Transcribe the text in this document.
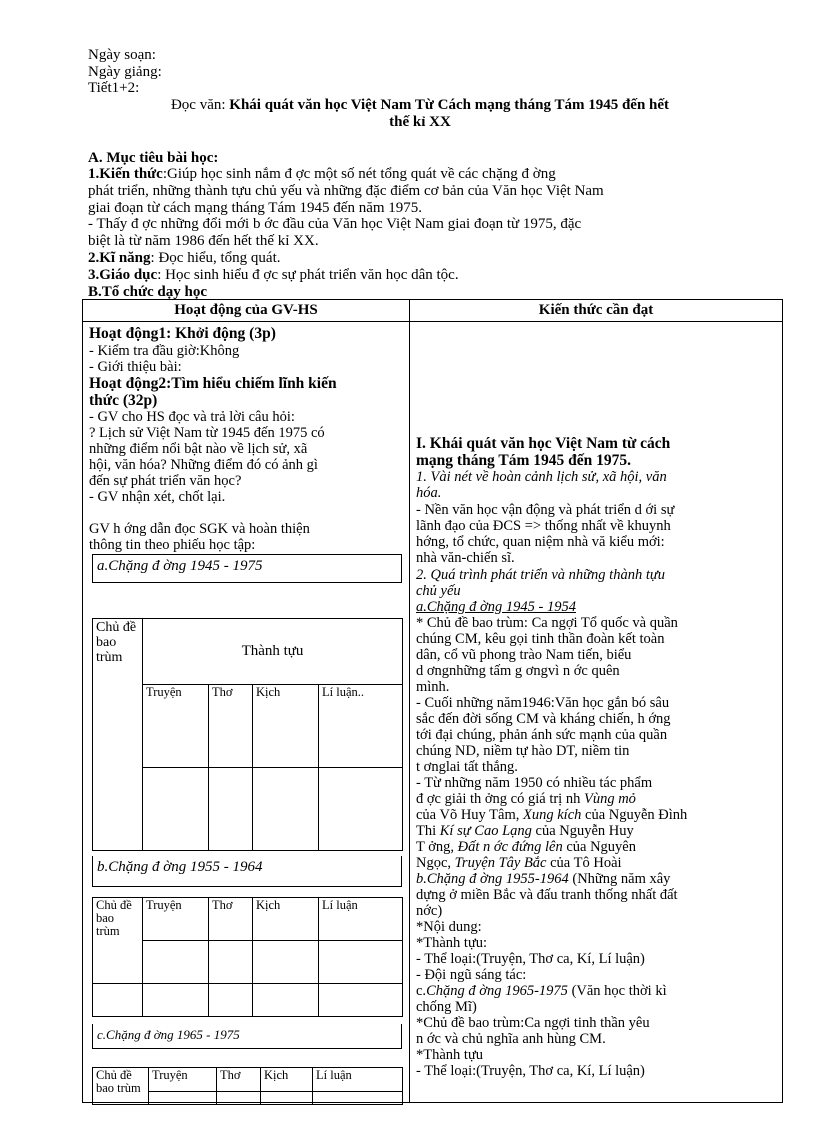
Ngày soạn:
Ngày giảng:
Tiết1+2:
Đọc văn: Khái quát văn học Việt Nam Từ Cách mạng tháng Tám 1945 đến hết
thế kỉ XX
A. Mục tiêu bài học:
1.Kiến thức:Giúp học sinh nắm đ ợc một số nét tổng quát về các chặng đ ờng
phát triển, những thành tựu chủ yếu và những đặc điểm cơ bản của Văn học Việt Nam
giai đoạn từ cách mạng tháng Tám 1945 đến năm 1975.
- Thấy đ ợc những đổi mới b ớc đầu của Văn học Việt Nam giai đoạn từ 1975, đặc
biệt là từ năm 1986 đến hết thế kỉ XX.
2.Kĩ năng: Đọc hiểu, tổng quát.
3.Giáo dục: Học sinh hiểu đ ợc sự phát triển văn học dân tộc.
B.Tổ chức dạy học
Hoạt động của GV-HS	Kiến thức cần đạt

Hoạt động1: Khởi động (3p)
- Kiểm tra đầu giờ:Không
- Giới thiệu bài:
Hoạt động2:Tìm hiểu chiếm lĩnh kiến
thức (32p)
- GV cho HS đọc và trả lời câu hỏi:
? Lịch sử Việt Nam từ 1945 đến 1975 có
những điểm nổi bật nào về lịch sử, xã
hội, văn hóa? Những điểm đó có ảnh gì
đến sự phát triển văn học?
- GV nhận xét, chốt lại.
GV h ớng dẫn đọc SGK và hoàn thiện
thông tin theo phiếu học tập:
a.Chặng đ ờng 1945 - 1975
Chủ đề bao trùm	Thành tựu
Truyện	Thơ	Kịch	Lí luận..

b.Chặng đ ờng 1955 - 1964
Chủ đề bao trùm	Truyện	Thơ	Kịch	Lí luận

c.Chặng đ ờng 1965 - 1975
Chủ đề bao trùm	Truyện	Thơ	Kịch	Lí luận

I. Khái quát văn học Việt Nam từ cách
mạng tháng Tám 1945 đến 1975.
1. Vài nét về hoàn cảnh lịch sử, xã hội, văn
hóa.
- Nền văn học vận động và phát triển d ới sự
lãnh đạo của ĐCS => thống nhất về khuynh
hớng, tổ chức, quan niệm nhà vă kiểu mới:
nhà văn-chiến sĩ.
2. Quá trình phát triển và những thành tựu
chủ yếu
a.Chặng đ ờng 1945 - 1954
* Chủ đề bao trùm: Ca ngợi Tổ quốc và quần
chúng CM, kêu gọi tinh thần đoàn kết toàn
dân, cổ vũ phong trào Nam tiến, biểu
d ơngnhững tấm g ơngvì n ớc quên
mình.
- Cuối những năm1946:Văn học gắn bó sâu
sắc đến đời sống CM và kháng chiến, h ớng
tới đại chúng, phản ánh sức mạnh của quần
chúng ND, niềm tự hào DT, niềm tin
t ơnglai tất thắng.
- Từ những năm 1950 có nhiều tác phẩm
đ ợc giải th ởng có giá trị nh Vùng mỏ
của Võ Huy Tâm, Xung kích của Nguyễn Đình
Thi Kí sự Cao Lạng của Nguyễn Huy
T ởng, Đất n ớc đứng lên của Nguyên
Ngọc, Truyện Tây Bắc của Tô Hoài
b.Chặng đ ờng 1955-1964 (Những năm xây
dựng ở miền Bắc và đấu tranh thống nhất đất
nớc)
*Nội dung:
*Thành tựu:
- Thể loại:(Truyện, Thơ ca, Kí, Lí luận)
- Đội ngũ sáng tác:
c.Chặng đ ờng 1965-1975 (Văn học thời kì
chống Mĩ)
*Chủ đề bao trùm:Ca ngợi tinh thần yêu
n ớc và chủ nghĩa anh hùng CM.
*Thành tựu
- Thể loại:(Truyện, Thơ ca, Kí, Lí luận)
